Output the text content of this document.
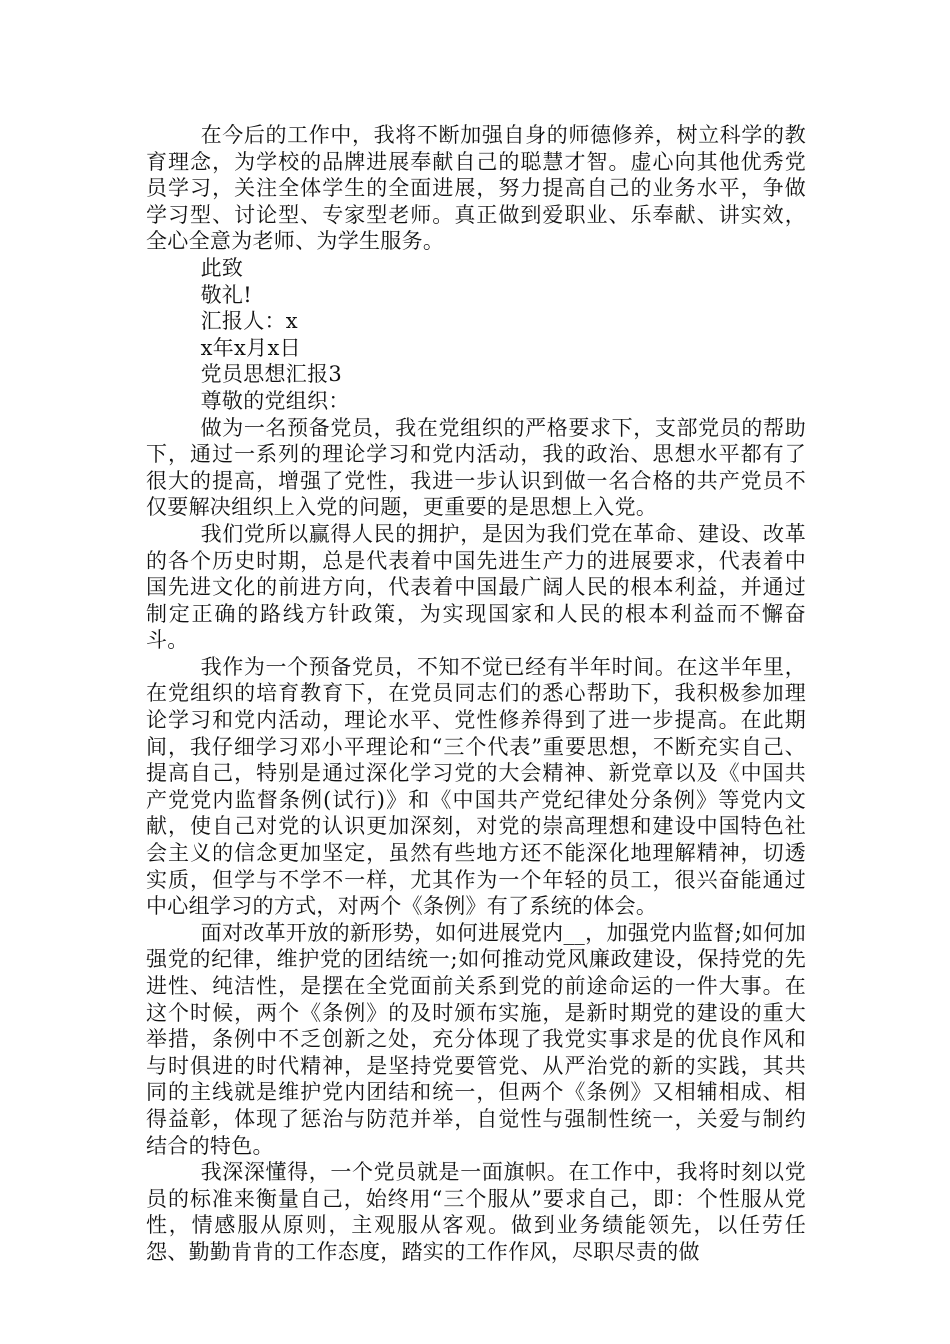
在今后的工作中，我将不断加强自身的师德修养，树立科学的教育理念，为学校的品牌进展奉献自己的聪慧才智。虚心向其他优秀党员学习，关注全体学生的全面进展，努力提高自己的业务水平，争做学习型、讨论型、专家型老师。真正做到爱职业、乐奉献、讲实效，全心全意为老师、为学生服务。

此致

敬礼!

汇报人：x

x年x月x日

党员思想汇报3

尊敬的党组织：

做为一名预备党员，我在党组织的严格要求下，支部党员的帮助下，通过一系列的理论学习和党内活动，我的政治、思想水平都有了很大的提高，增强了党性，我进一步认识到做一名合格的共产党员不仅要解决组织上入党的问题，更重要的是思想上入党。

我们党所以赢得人民的拥护，是因为我们党在革命、建设、改革的各个历史时期，总是代表着中国先进生产力的进展要求，代表着中国先进文化的前进方向，代表着中国最广阔人民的根本利益，并通过制定正确的路线方针政策，为实现国家和人民的根本利益而不懈奋斗。

我作为一个预备党员，不知不觉已经有半年时间。在这半年里，在党组织的培育教育下，在党员同志们的悉心帮助下，我积极参加理论学习和党内活动，理论水平、党性修养得到了进一步提高。在此期间，我仔细学习邓小平理论和“三个代表”重要思想，不断充实自己、提高自己，特别是通过深化学习党的大会精神、新党章以及《中国共产党党内监督条例(试行)》和《中国共产党纪律处分条例》等党内文献，使自己对党的认识更加深刻，对党的崇高理想和建设中国特色社会主义的信念更加坚定，虽然有些地方还不能深化地理解精神，切透实质，但学与不学不一样，尤其作为一个年轻的员工，很兴奋能通过中心组学习的方式，对两个《条例》有了系统的体会。

面对改革开放的新形势，如何进展党内__，加强党内监督;如何加强党的纪律，维护党的团结统一;如何推动党风廉政建设，保持党的先进性、纯洁性，是摆在全党面前关系到党的前途命运的一件大事。在这个时候，两个《条例》的及时颁布实施，是新时期党的建设的重大举措，条例中不乏创新之处，充分体现了我党实事求是的优良作风和与时俱进的时代精神，是坚持党要管党、从严治党的新的实践，其共同的主线就是维护党内团结和统一，但两个《条例》又相辅相成、相得益彰，体现了惩治与防范并举，自觉性与强制性统一，关爱与制约结合的特色。

我深深懂得，一个党员就是一面旗帜。在工作中，我将时刻以党员的标准来衡量自己，始终用“三个服从”要求自己，即：个性服从党性，情感服从原则，主观服从客观。做到业务绩能领先，以任劳任怨、勤勤肯肯的工作态度，踏实的工作作风，尽职尽责的做
